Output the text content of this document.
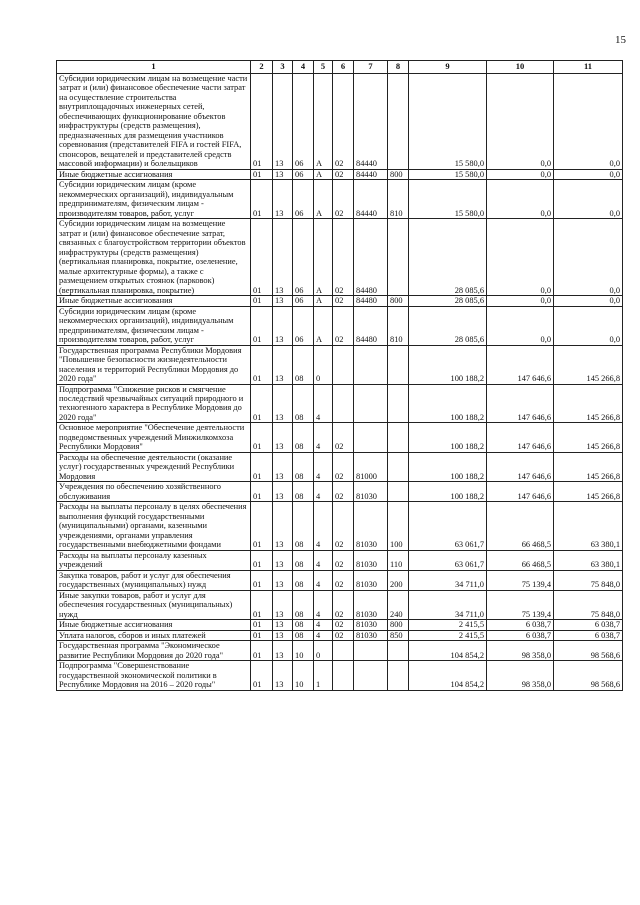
15
1	2	3	4	5	6	7	8	9	10	11
Субсидии юридическим лицам на возмещение части затрат и (или) финансовое обеспечение части затрат на осуществление строительства внутриплощадочных инженерных сетей, обеспечивающих функционирование объектов инфраструктуры (средств размещения), предназначенных для размещения участников соревнования (представителей FIFA и гостей FIFA, спонсоров, вещателей и представителей средств массовой информации) и болельщиков	01	13	06	А	02	84440		15 580,0	0,0	0,0
Иные бюджетные ассигнования	01	13	06	А	02	84440	800	15 580,0	0,0	0,0
Субсидии юридическим лицам (кроме некоммерческих организаций), индивидуальным предпринимателям, физическим лицам - производителям товаров, работ, услуг	01	13	06	А	02	84440	810	15 580,0	0,0	0,0
Субсидии юридическим лицам на возмещение затрат и (или) финансовое обеспечение затрат, связанных с благоустройством территории объектов инфраструктуры (средств размещения) (вертикальная планировка, покрытие, озеленение, малые архитектурные формы), а также с размещением открытых стоянок (парковок) (вертикальная планировка, покрытие)	01	13	06	А	02	84480		28 085,6	0,0	0,0
Иные бюджетные ассигнования	01	13	06	А	02	84480	800	28 085,6	0,0	0,0
Субсидии юридическим лицам (кроме некоммерческих организаций), индивидуальным предпринимателям, физическим лицам - производителям товаров, работ, услуг	01	13	06	А	02	84480	810	28 085,6	0,0	0,0
Государственная программа Республики Мордовия "Повышение безопасности жизнедеятельности населения и территорий Республики Мордовия до 2020 года"	01	13	08	0				100 188,2	147 646,6	145 266,8
Подпрограмма "Снижение рисков и смягчение последствий чрезвычайных ситуаций природного и техногенного характера в Республике Мордовия до 2020 года"	01	13	08	4				100 188,2	147 646,6	145 266,8
Основное мероприятие "Обеспечение деятельности подведомственных учреждений Минжилкомхоза Республики Мордовия"	01	13	08	4	02			100 188,2	147 646,6	145 266,8
Расходы на обеспечение деятельности (оказание услуг) государственных учреждений Республики Мордовия	01	13	08	4	02	81000		100 188,2	147 646,6	145 266,8
Учреждения по обеспечению хозяйственного обслуживания	01	13	08	4	02	81030		100 188,2	147 646,6	145 266,8
Расходы на выплаты персоналу в целях обеспечения выполнения функций государственными (муниципальными) органами, казенными учреждениями, органами управления государственными внебюджетными фондами	01	13	08	4	02	81030	100	63 061,7	66 468,5	63 380,1
Расходы на выплаты персоналу казенных учреждений	01	13	08	4	02	81030	110	63 061,7	66 468,5	63 380,1
Закупка товаров, работ и услуг для обеспечения государственных (муниципальных) нужд	01	13	08	4	02	81030	200	34 711,0	75 139,4	75 848,0
Иные закупки товаров, работ и услуг для обеспечения государственных (муниципальных) нужд	01	13	08	4	02	81030	240	34 711,0	75 139,4	75 848,0
Иные бюджетные ассигнования	01	13	08	4	02	81030	800	2 415,5	6 038,7	6 038,7
Уплата налогов, сборов и иных платежей	01	13	08	4	02	81030	850	2 415,5	6 038,7	6 038,7
Государственная программа "Экономическое развитие Республики Мордовия до 2020 года"	01	13	10	0				104 854,2	98 358,0	98 568,6
Подпрограмма "Совершенствование государственной экономической политики в Республике Мордовия на 2016 – 2020 годы"	01	13	10	1				104 854,2	98 358,0	98 568,6
